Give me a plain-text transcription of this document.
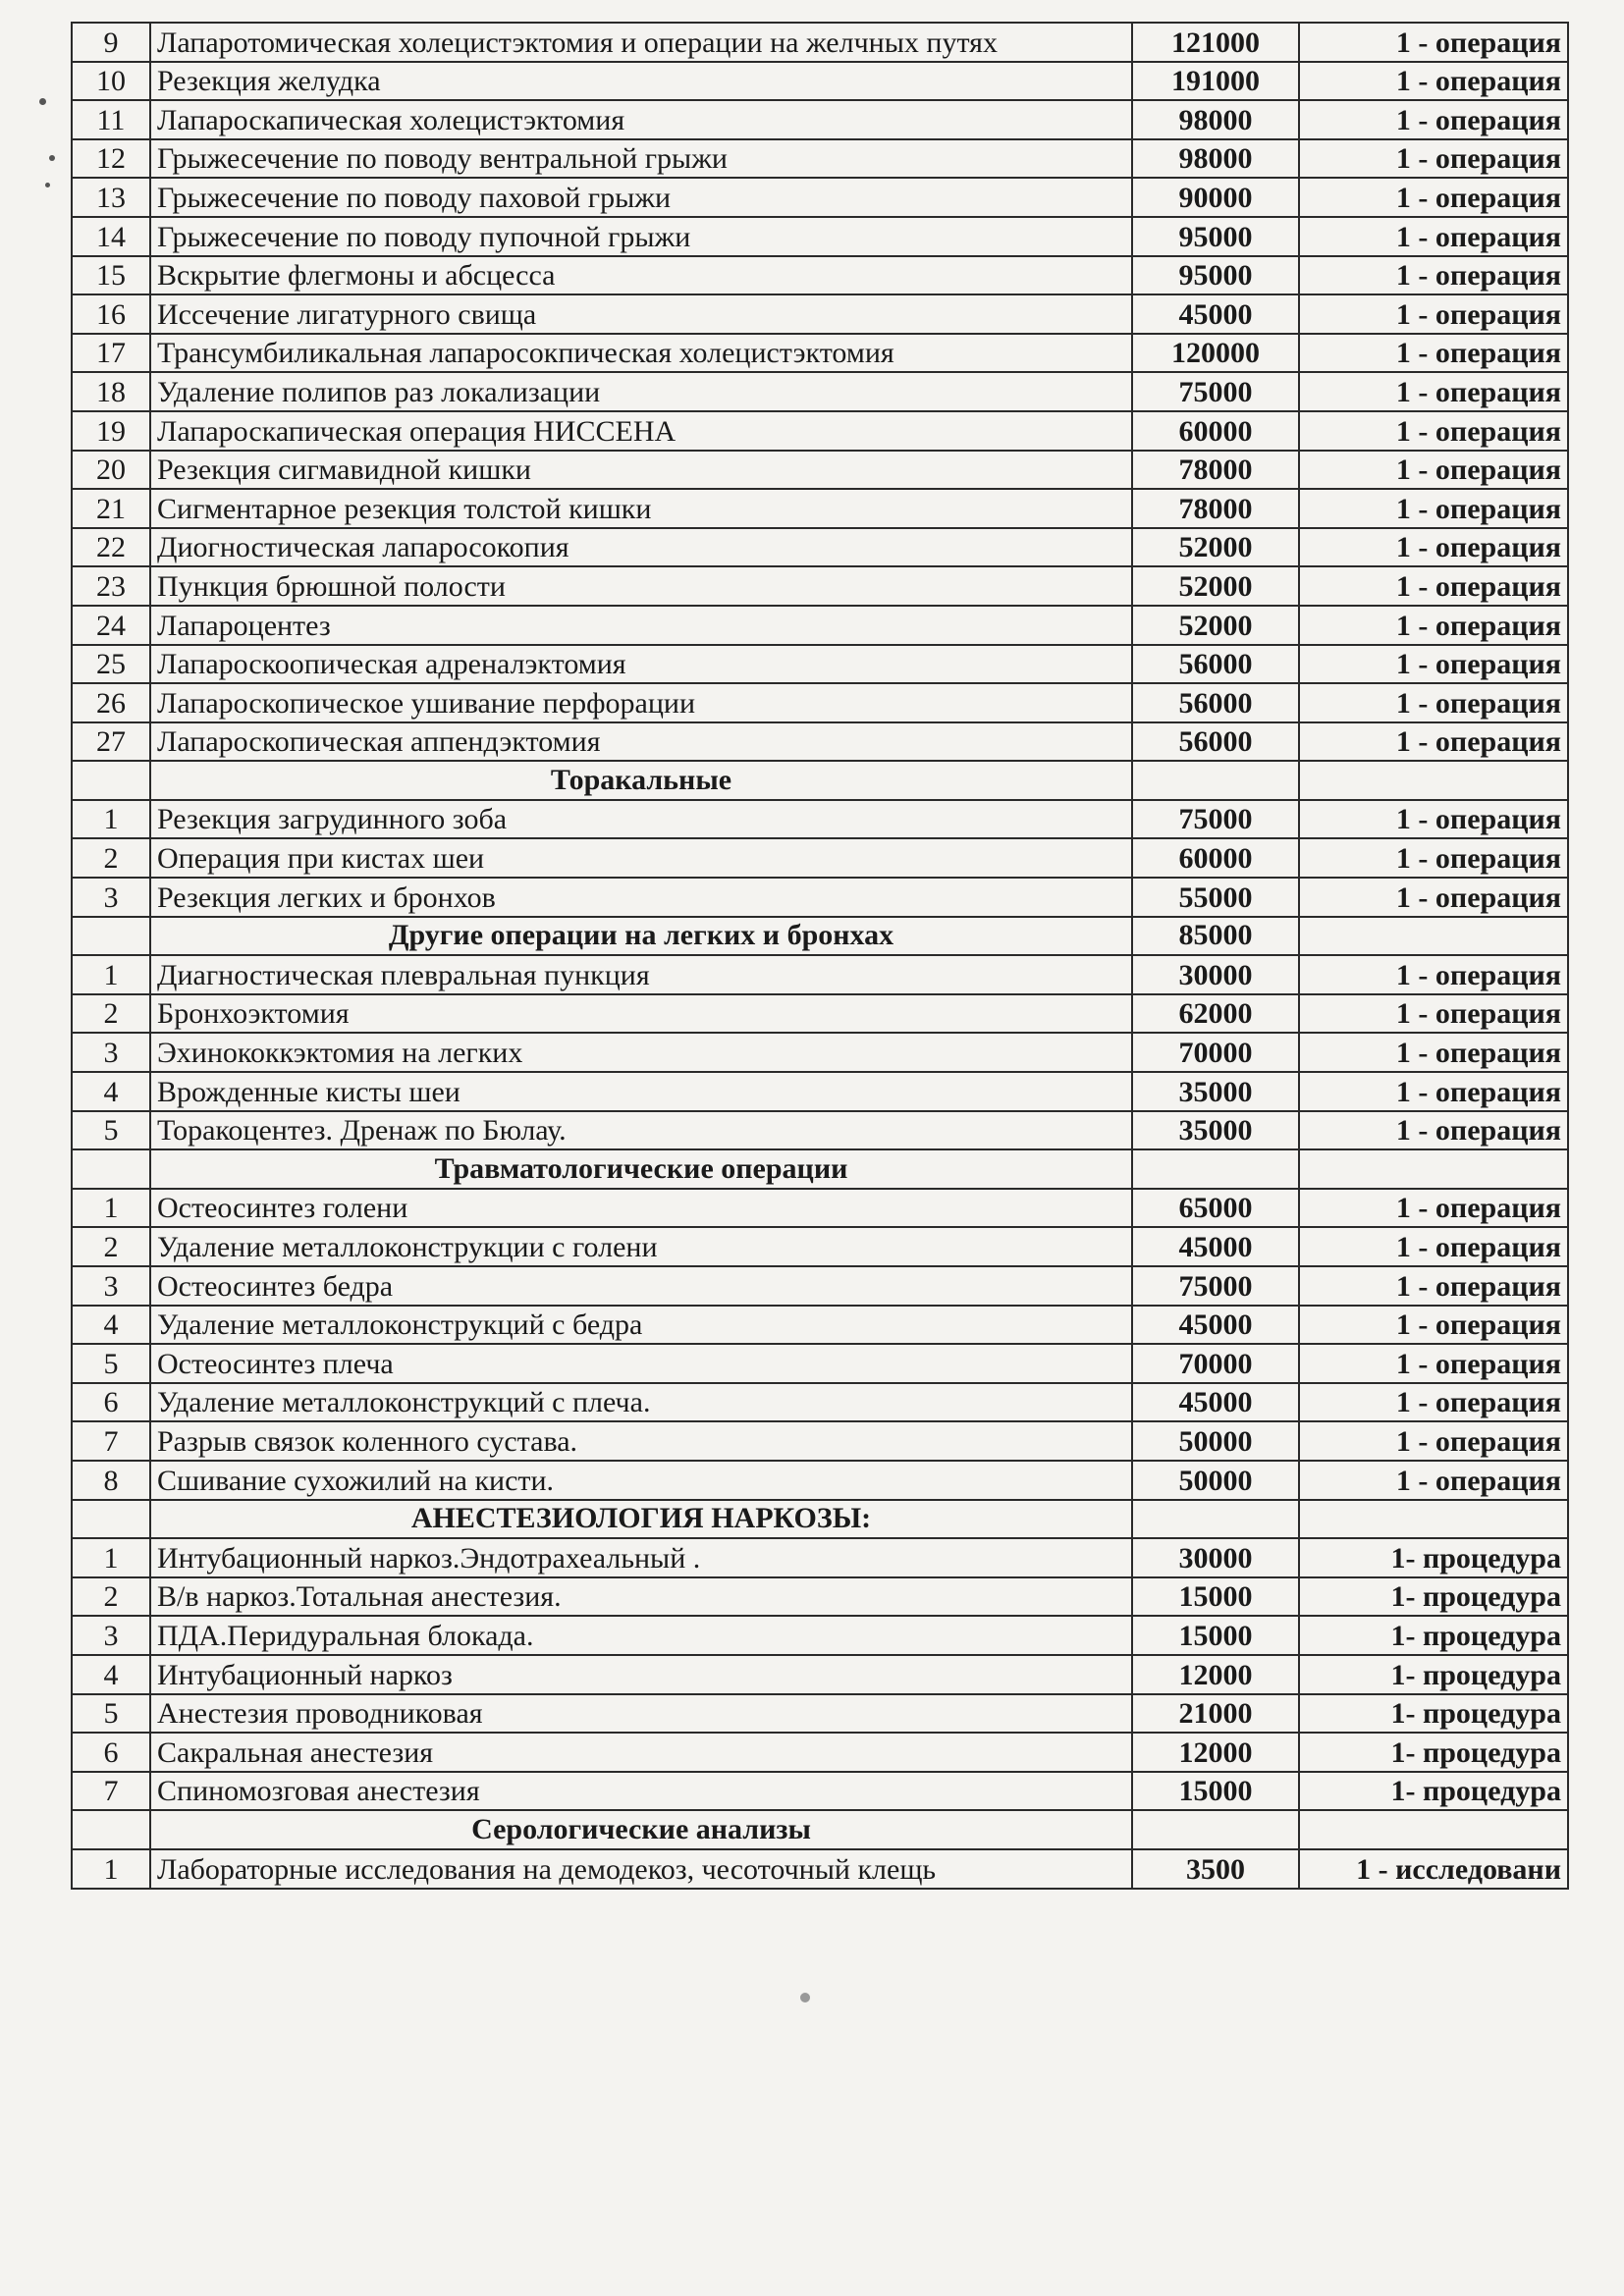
9	Лапаротомическая холецистэктомия и операции на желчных путях	121000	1 - операция
10	Резекция желудка	191000	1 - операция
11	Лапароскапическая холецистэктомия	98000	1 - операция
12	Грыжесечение по поводу вентральной грыжи	98000	1 - операция
13	Грыжесечение по поводу паховой грыжи	90000	1 - операция
14	Грыжесечение по поводу пупочной грыжи	95000	1 - операция
15	Вскрытие флегмоны и абсцесса	95000	1 - операция
16	Иссечение лигатурного свища	45000	1 - операция
17	Трансумбиликальная лапаросокпическая холецистэктомия	120000	1 - операция
18	Удаление полипов раз локализации	75000	1 - операция
19	Лапароскапическая операция НИССЕНА	60000	1 - операция
20	Резекция сигмавидной кишки	78000	1 - операция
21	Сигментарное резекция толстой кишки	78000	1 - операция
22	Диогностическая лапаросокопия	52000	1 - операция
23	Пункция брюшной полости	52000	1 - операция
24	Лапароцентез	52000	1 - операция
25	Лапароскоопическая адреналэктомия	56000	1 - операция
26	Лапароскопическое ушивание перфорации	56000	1 - операция
27	Лапароскопическая аппендэктомия	56000	1 - операция
	Торакальные		
1	Резекция загрудинного зоба	75000	1 - операция
2	Операция при кистах шеи	60000	1 - операция
3	Резекция легких и бронхов	55000	1 - операция
	Другие операции на легких и бронхах	85000	
1	Диагностическая плевральная пункция	30000	1 - операция
2	Бронхоэктомия	62000	1 - операция
3	Эхинококкэктомия на легких	70000	1 - операция
4	Врожденные кисты шеи	35000	1 - операция
5	Торакоцентез. Дренаж по Бюлау.	35000	1 - операция
	Травматологические операции		
1	Остеосинтез голени	65000	1 - операция
2	Удаление металлоконструкции с голени	45000	1 - операция
3	Остеосинтез бедра	75000	1 - операция
4	Удаление металлоконструкций с бедра	45000	1 - операция
5	Остеосинтез плеча	70000	1 - операция
6	Удаление металлоконструкций с плеча.	45000	1 - операция
7	Разрыв связок коленного сустава.	50000	1 - операция
8	Сшивание сухожилий на кисти.	50000	1 - операция
	АНЕСТЕЗИОЛОГИЯ НАРКОЗЫ:		
1	Интубационный наркоз.Эндотрахеальный .	30000	1- процедура
2	В/в наркоз.Тотальная анестезия.	15000	1- процедура
3	ПДА.Перидуральная блокада.	15000	1- процедура
4	Интубационный наркоз	12000	1- процедура
5	Анестезия проводниковая	21000	1- процедура
6	Сакральная анестезия	12000	1- процедура
7	Спиномозговая анестезия	15000	1- процедура
	Серологические анализы		
1	Лабораторные исследования на демодекоз, чесоточный клещь	3500	1 - исследовани
